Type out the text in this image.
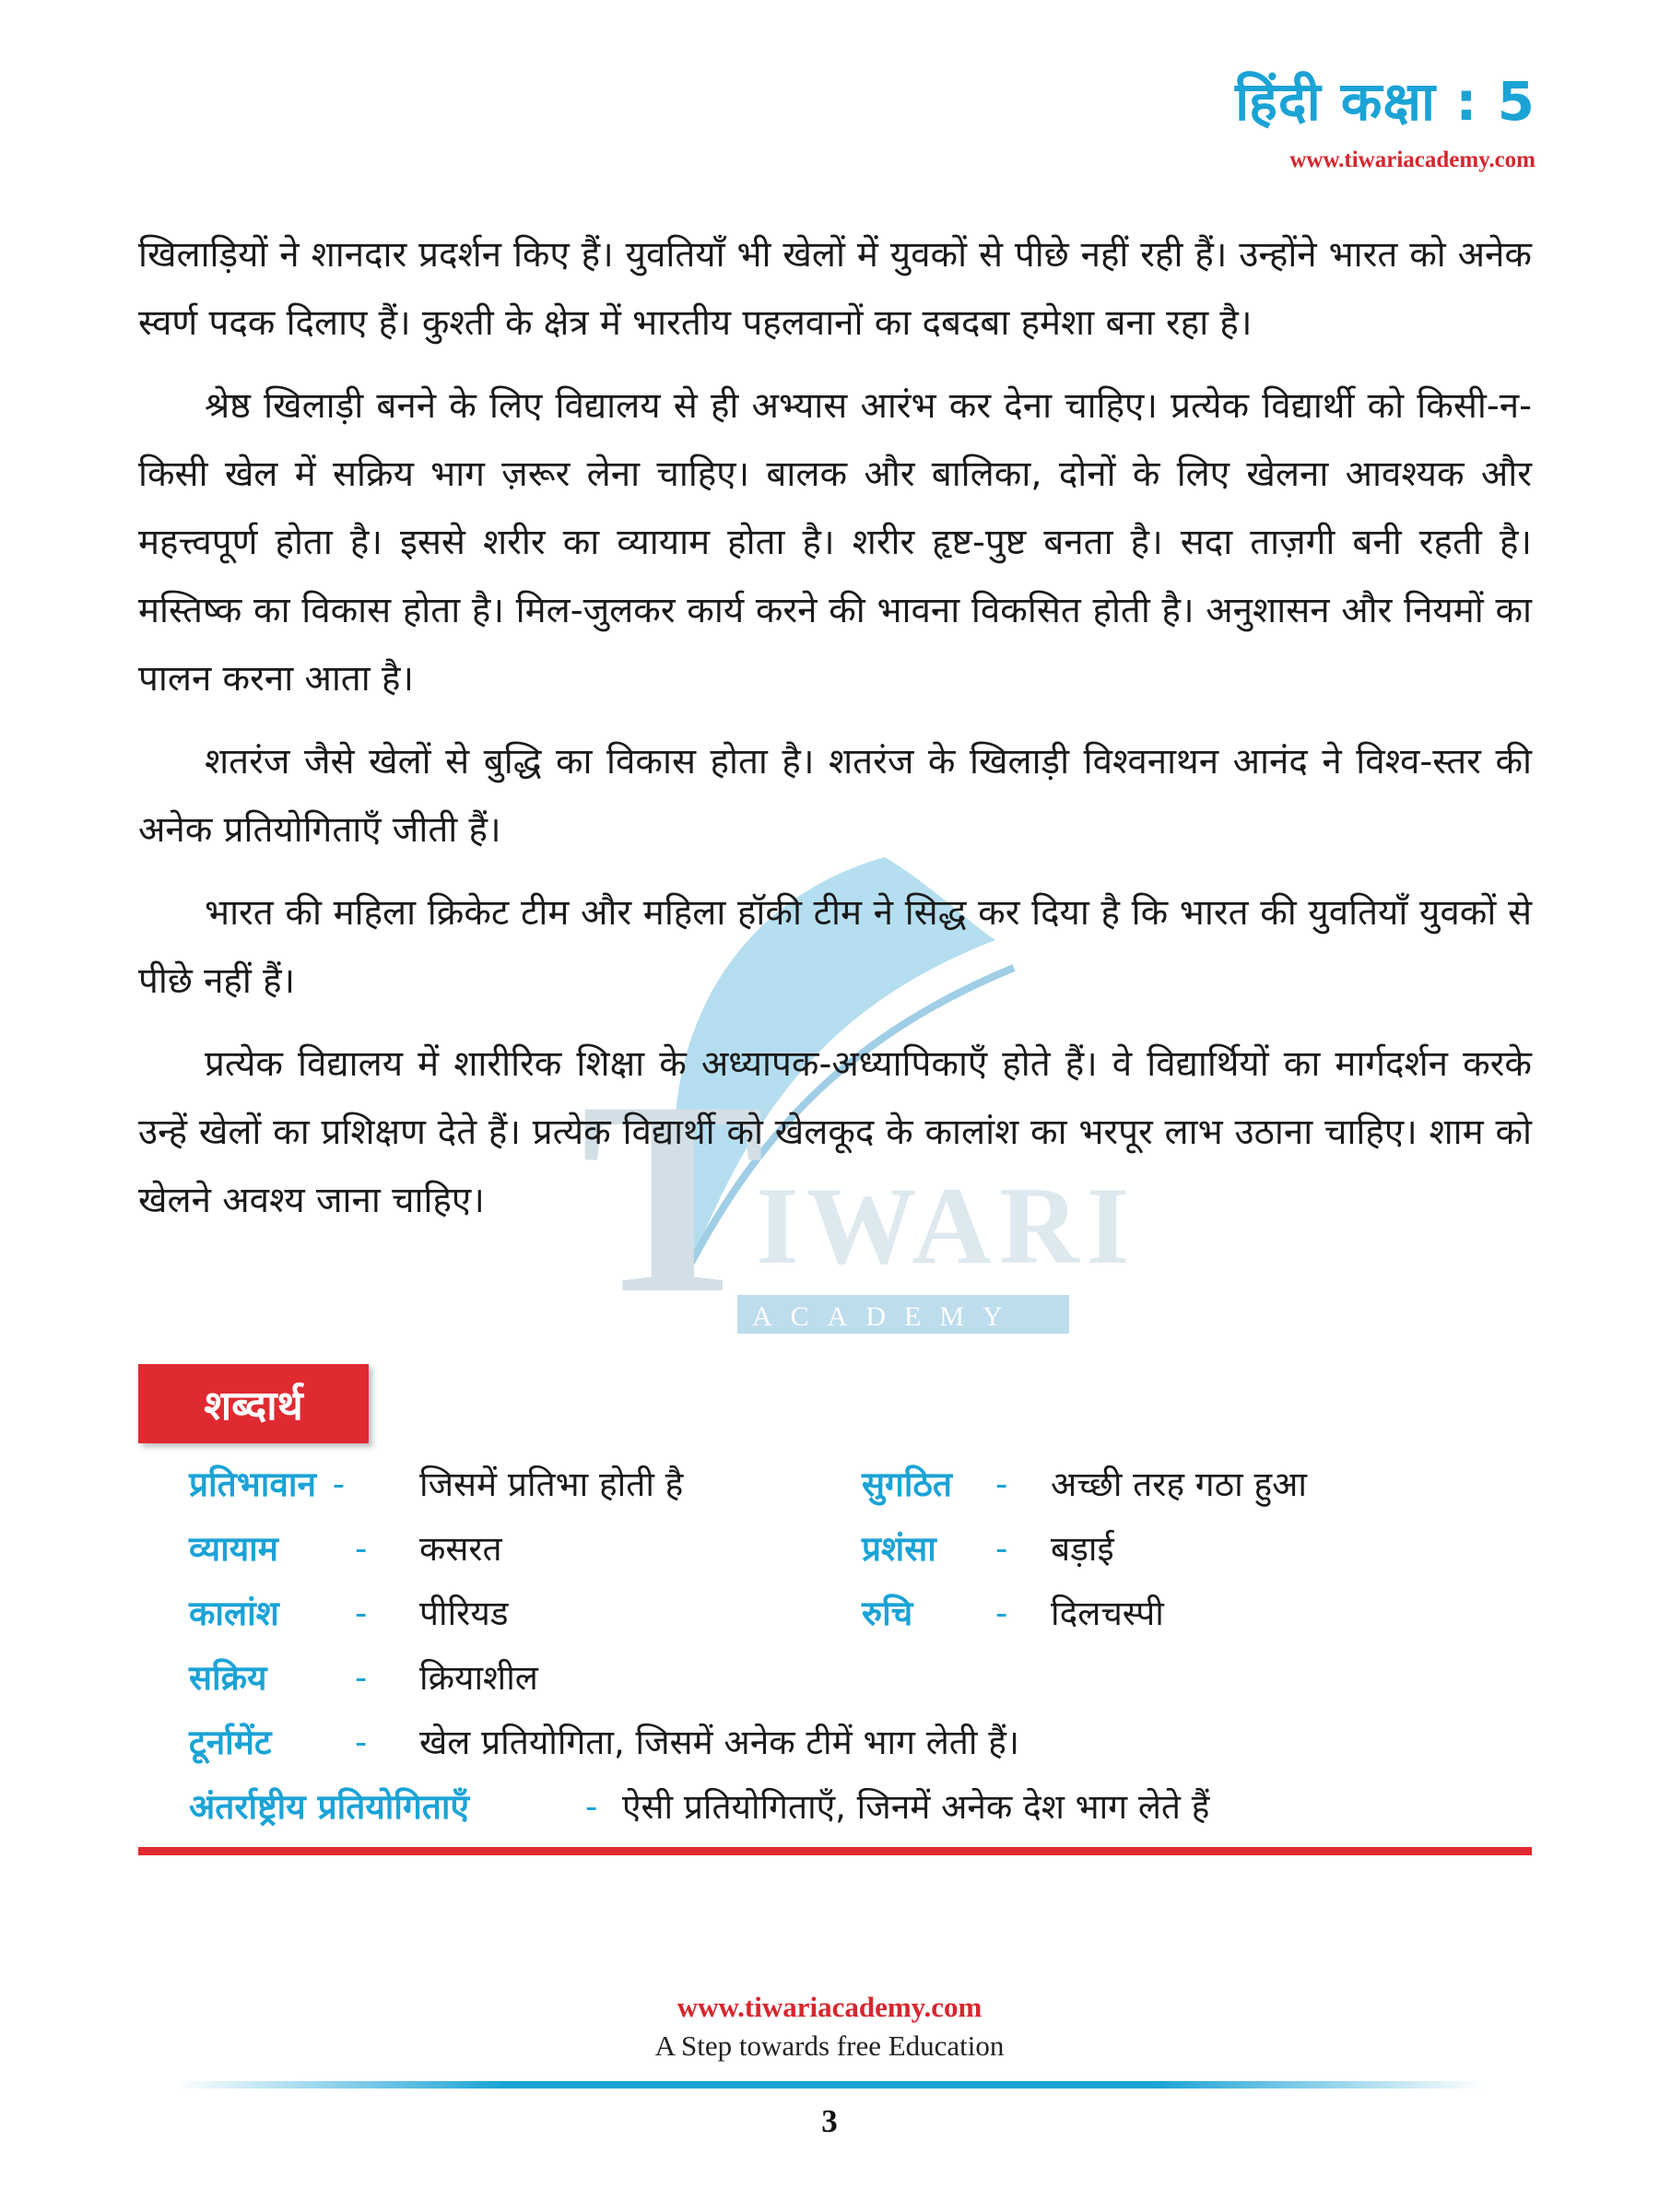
हिंदी कक्षा : 5
www.tiwariacademy.com
T
IWARI
ACADEMY

खिलाड़ियों ने शानदार प्रदर्शन किए हैं। युवतियाँ भी खेलों में युवकों से पीछे नहीं रही हैं। उन्होंने भारत को अनेक स्वर्ण पदक दिलाए हैं। कुश्ती के क्षेत्र में भारतीय पहलवानों का दबदबा हमेशा बना रहा है।

श्रेष्ठ खिलाड़ी बनने के लिए विद्यालय से ही अभ्यास आरंभ कर देना चाहिए। प्रत्येक विद्यार्थी को किसी-न-किसी खेल में सक्रिय भाग ज़रूर लेना चाहिए। बालक और बालिका, दोनों के लिए खेलना आवश्यक और महत्त्वपूर्ण होता है। इससे शरीर का व्यायाम होता है। शरीर हृष्ट-पुष्ट बनता है। सदा ताज़गी बनी रहती है। मस्तिष्क का विकास होता है। मिल-जुलकर कार्य करने की भावना विकसित होती है। अनुशासन और नियमों का पालन करना आता है।

शतरंज जैसे खेलों से बुद्धि का विकास होता है। शतरंज के खिलाड़ी विश्वनाथन आनंद ने विश्व-स्तर की अनेक प्रतियोगिताएँ जीती हैं।

भारत की महिला क्रिकेट टीम और महिला हॉकी टीम ने सिद्ध कर दिया है कि भारत की युवतियाँ युवकों से पीछे नहीं हैं।

प्रत्येक विद्यालय में शारीरिक शिक्षा के अध्यापक-अध्यापिकाएँ होते हैं। वे विद्यार्थियों का मार्गदर्शन करके उन्हें खेलों का प्रशिक्षण देते हैं। प्रत्येक विद्यार्थी को खेलकूद के कालांश का भरपूर लाभ उठाना चाहिए। शाम को खेलने अवश्य जाना चाहिए।

शब्दार्थ
प्रतिभावान - जिसमें प्रतिभा होती है	सुगठित - अच्छी तरह गठा हुआ
व्यायाम - कसरत	प्रशंसा - बड़ाई
कालांश - पीरियड	रुचि - दिलचस्पी
सक्रिय	- क्रियाशील
टूर्नामेंट - खेल प्रतियोगिता, जिसमें अनेक टीमें भाग लेती हैं।
अंतर्राष्ट्रीय प्रतियोगिताएँ	- ऐसी प्रतियोगिताएँ, जिनमें अनेक देश भाग लेते हैं
www.tiwariacademy.com
A Step towards free Education
3
